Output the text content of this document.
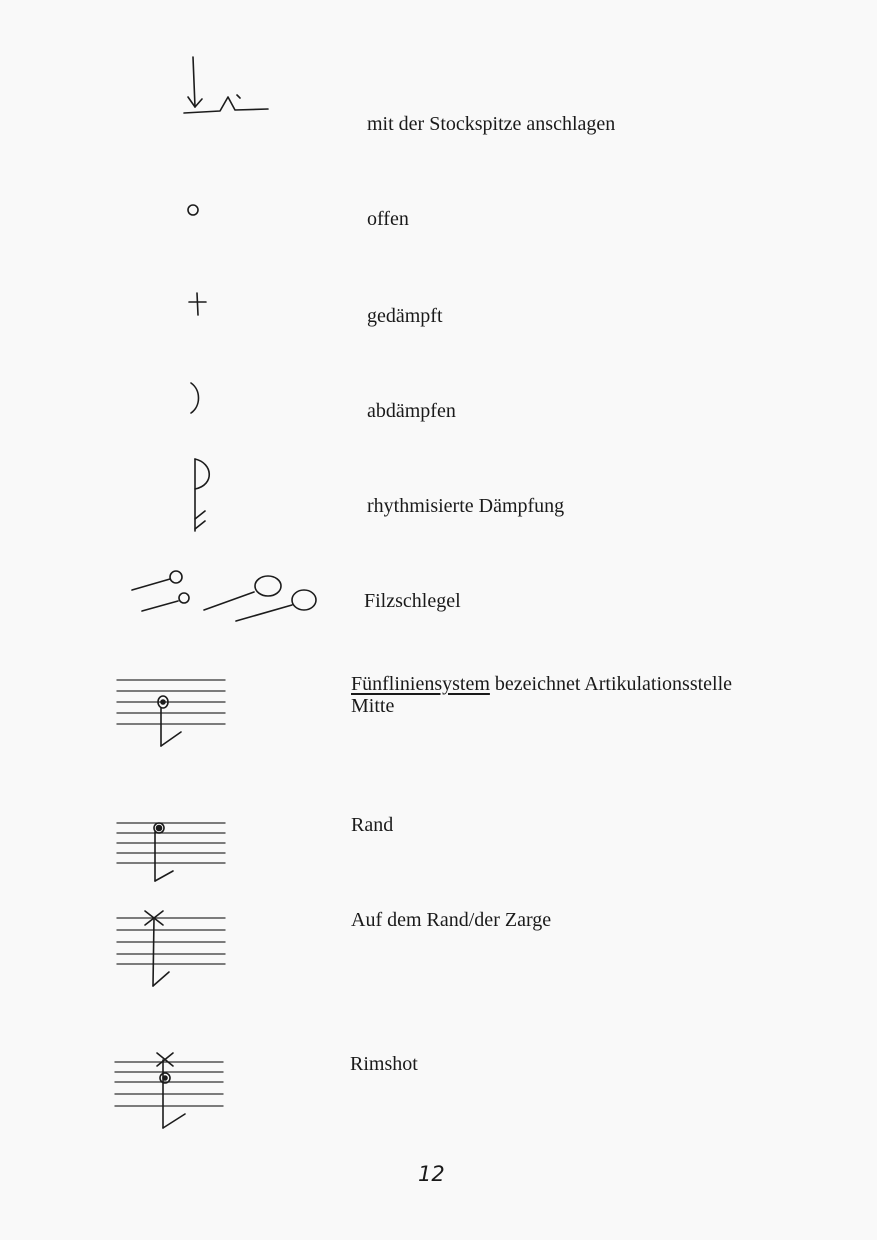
mit der Stockspitze anschlagen
offen
gedämpft
abdämpfen
rhythmisierte Dämpfung
Filzschlegel
Fünfliniensystem bezeichnet Artikulationsstelle
Mitte
Rand
Auf dem Rand/der Zarge
Rimshot
12
